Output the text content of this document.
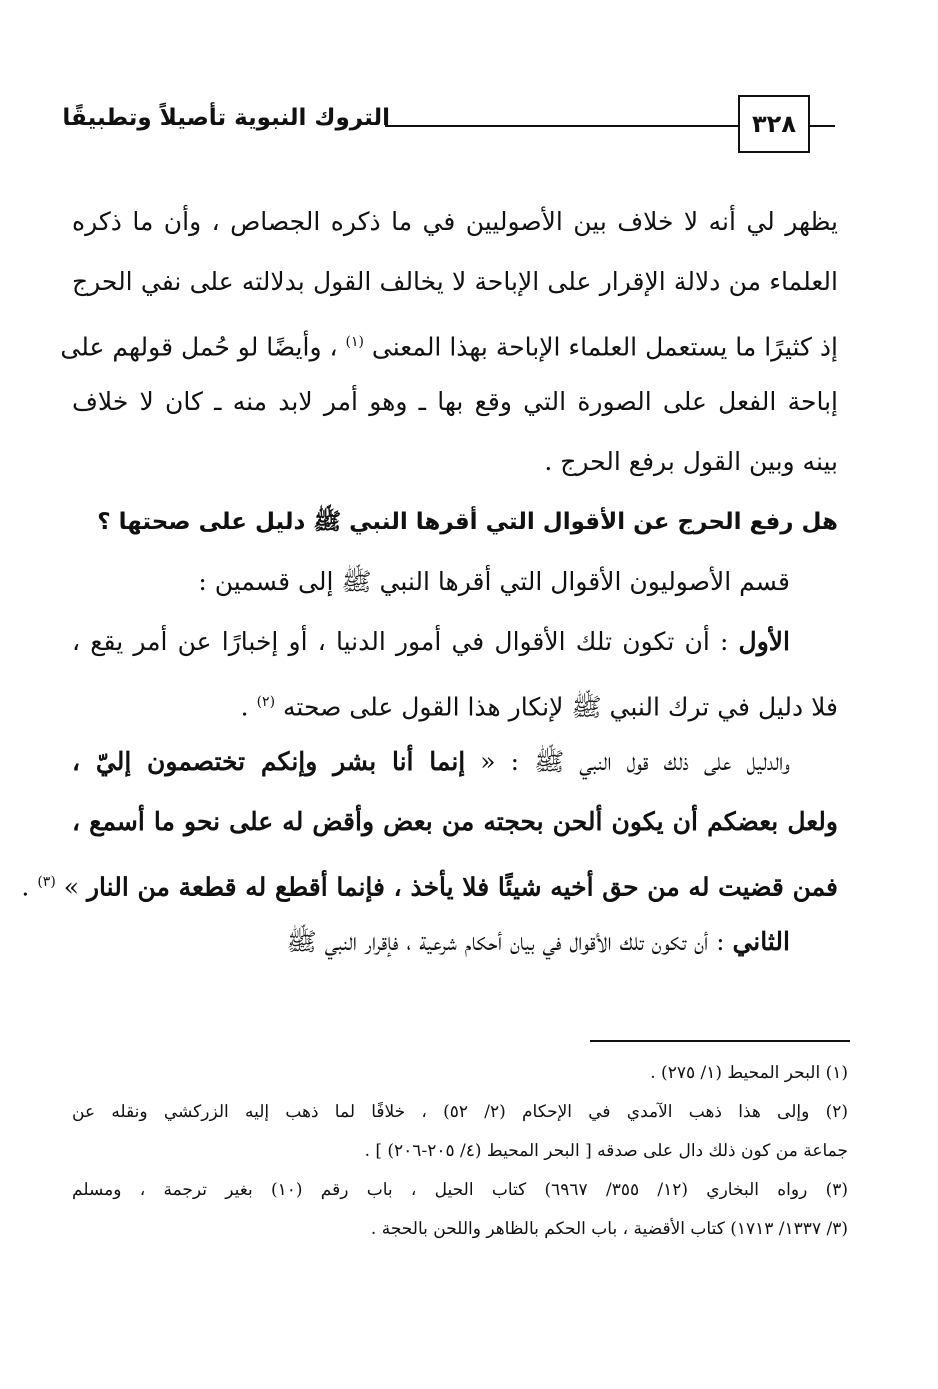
٣٢٨
التروك النبوية تأصيلاً وتطبيقًا
يظهر لي أنه لا خلاف بين الأصوليين في ما ذكره الجصاص ، وأن ما ذكره
العلماء من دلالة الإقرار على الإباحة لا يخالف القول بدلالته على نفي الحرج
إذ كثيرًا ما يستعمل العلماء الإباحة بهذا المعنى $^{(١)}$ ، وأيضًا لو حُمل قولهم على
إباحة الفعل على الصورة التي وقع بها ـ وهو أمر لابد منه ـ كان لا خلاف
بينه وبين القول برفع الحرج .
هل رفع الحرج عن الأقوال التي أقرها النبي ﷺ دليل على صحتها ؟
قسم الأصوليون الأقوال التي أقرها النبي ﷺ إلى قسمين :
الأول : أن تكون تلك الأقوال في أمور الدنيا ، أو إخبارًا عن أمر يقع ،
فلا دليل في ترك النبي ﷺ لإنكار هذا القول على صحته $^{(٢)}$ .
والدليل على ذلك قول النبي ﷺ : « إنما أنا بشر وإنكم تختصمون إليّ ،
ولعل بعضكم أن يكون ألحن بحجته من بعض وأقض له على نحو ما أسمع ،
فمن قضيت له من حق أخيه شيئًا فلا يأخذ ، فإنما أقطع له قطعة من النار » $^{(٣)}$ .
الثاني : أن تكون تلك الأقوال في بيان أحكام شرعية ، فإقرار النبي ﷺ
(١) البحر المحيط (١/ ٢٧٥) .
(٢) وإلى هذا ذهب الآمدي في الإحكام (٢/ ٥٢) ، خلافًا لما ذهب إليه الزركشي ونقله عن
جماعة من كون ذلك دال على صدقه [ البحر المحيط (٤/ ٢٠٥-٢٠٦) ] .
(٣) رواه البخاري (١٢/ ٣٥٥/ ٦٩٦٧) كتاب الحيل ، باب رقم (١٠) بغير ترجمة ، ومسلم
(٣/ ١٣٣٧/ ١٧١٣) كتاب الأقضية ، باب الحكم بالظاهر واللحن بالحجة .
